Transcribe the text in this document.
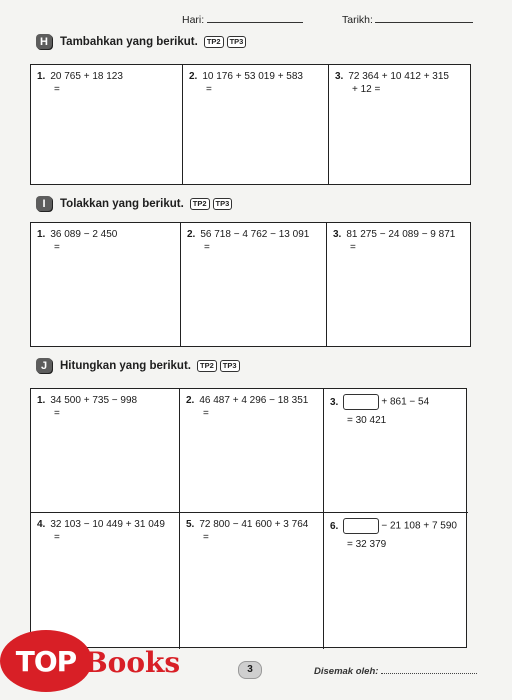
Hari:	Tarikh:
H	Tambahkan yang berikut.	TP2	TP3
1. 20 765 + 18 123
=
2. 10 176 + 53 019 + 583
=
3. 72 364 + 10 412 + 315
+ 12 =
I	Tolakkan yang berikut.	TP2	TP3
1. 36 089 − 2 450
=
2. 56 718 − 4 762 − 13 091
=
3. 81 275 − 24 089 − 9 871
=
J	Hitungkan yang berikut.	TP2	TP3
1. 34 500 + 735 − 998
=
2. 46 487 + 4 296 − 18 351
=
3.	+ 861 − 54
= 30 421
4. 32 103 − 10 449 + 31 049
=
5. 72 800 − 41 600 + 3 764
=
6.	− 21 108 + 7 590
= 32 379
3	Disemak oleh:
TOP Books
